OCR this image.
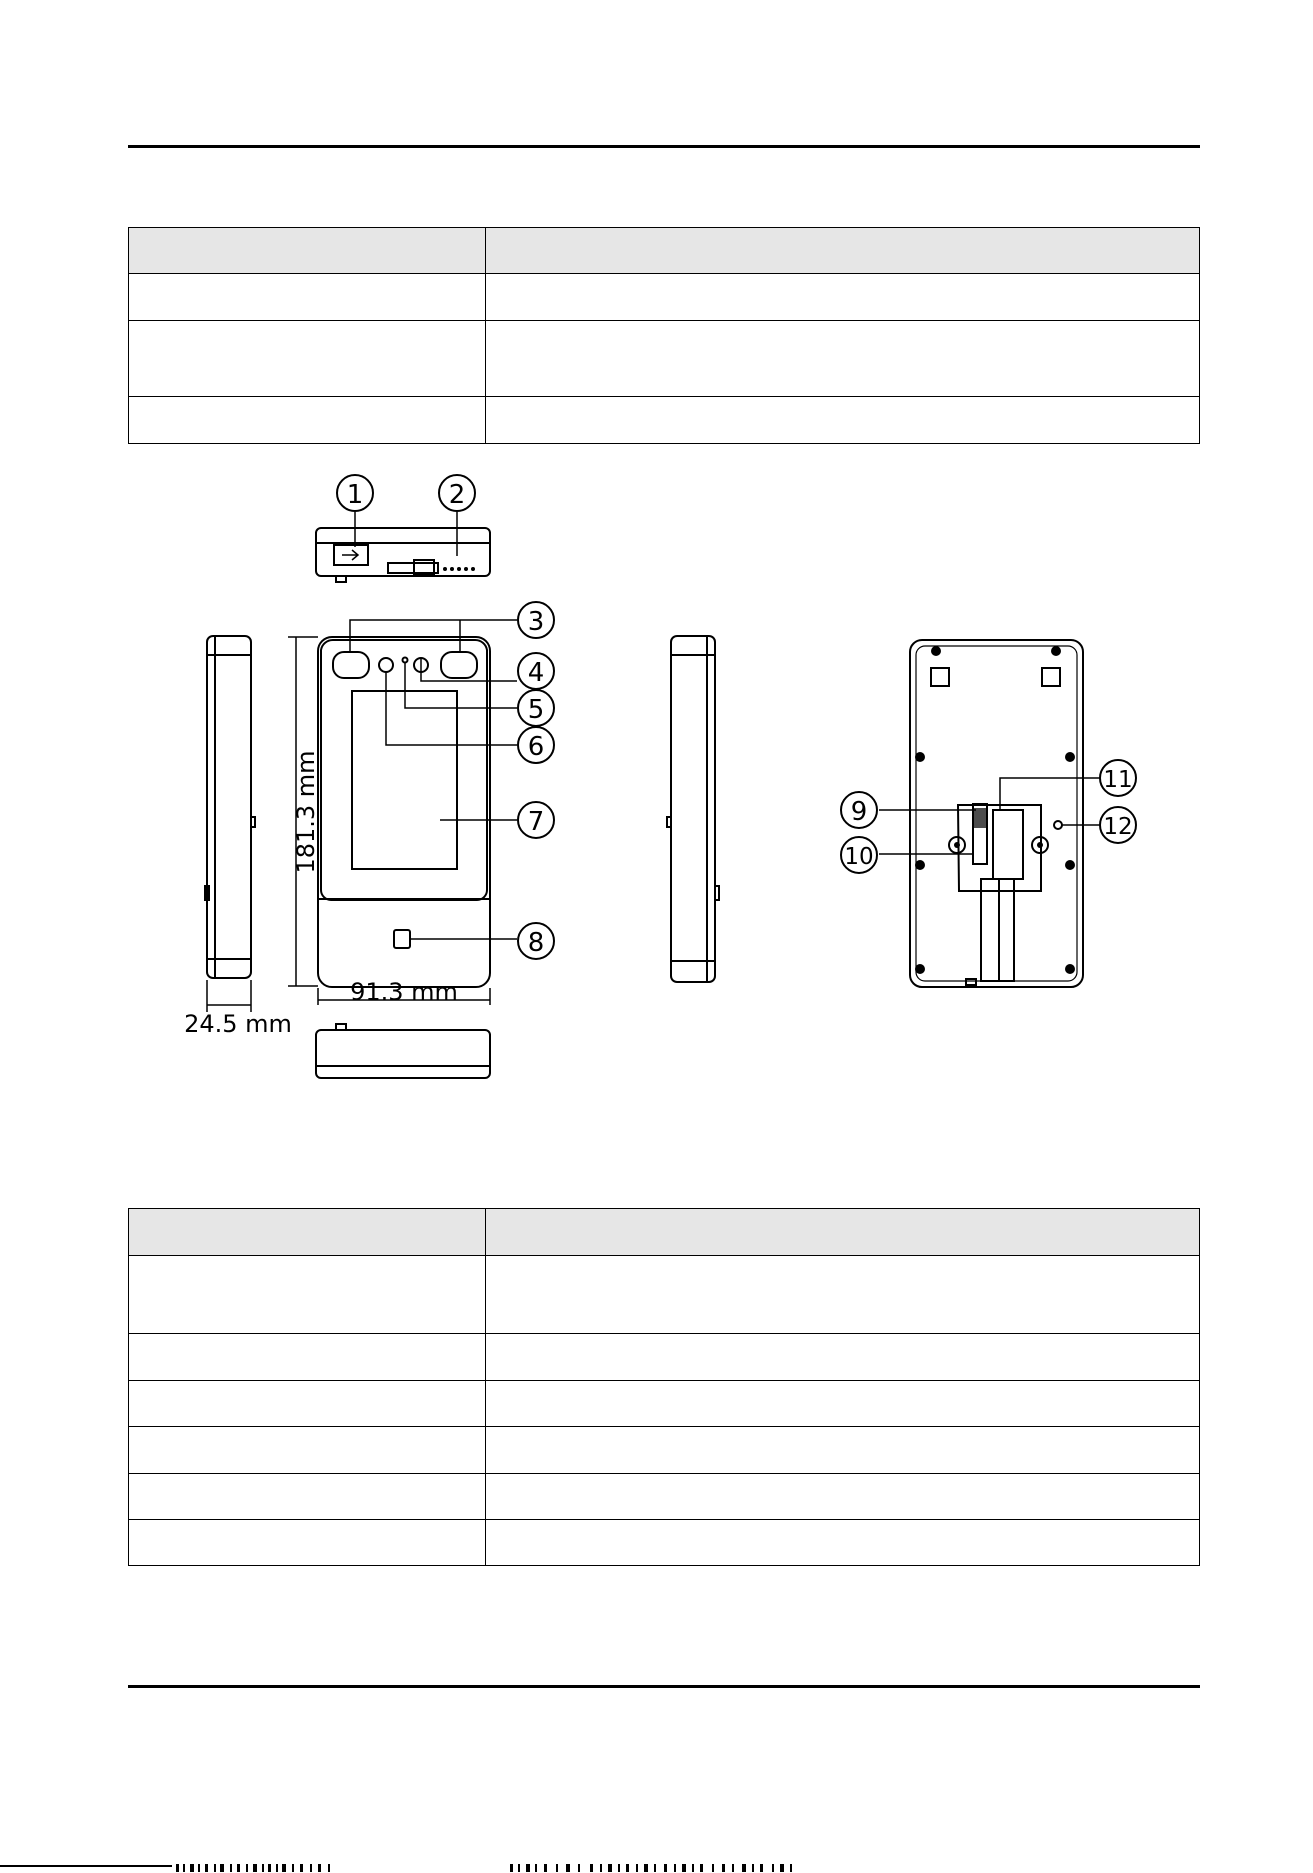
1	2
3
4
5
6
7
8
9
10
11
12
181.3 mm
91.3 mm
24.5 mm
